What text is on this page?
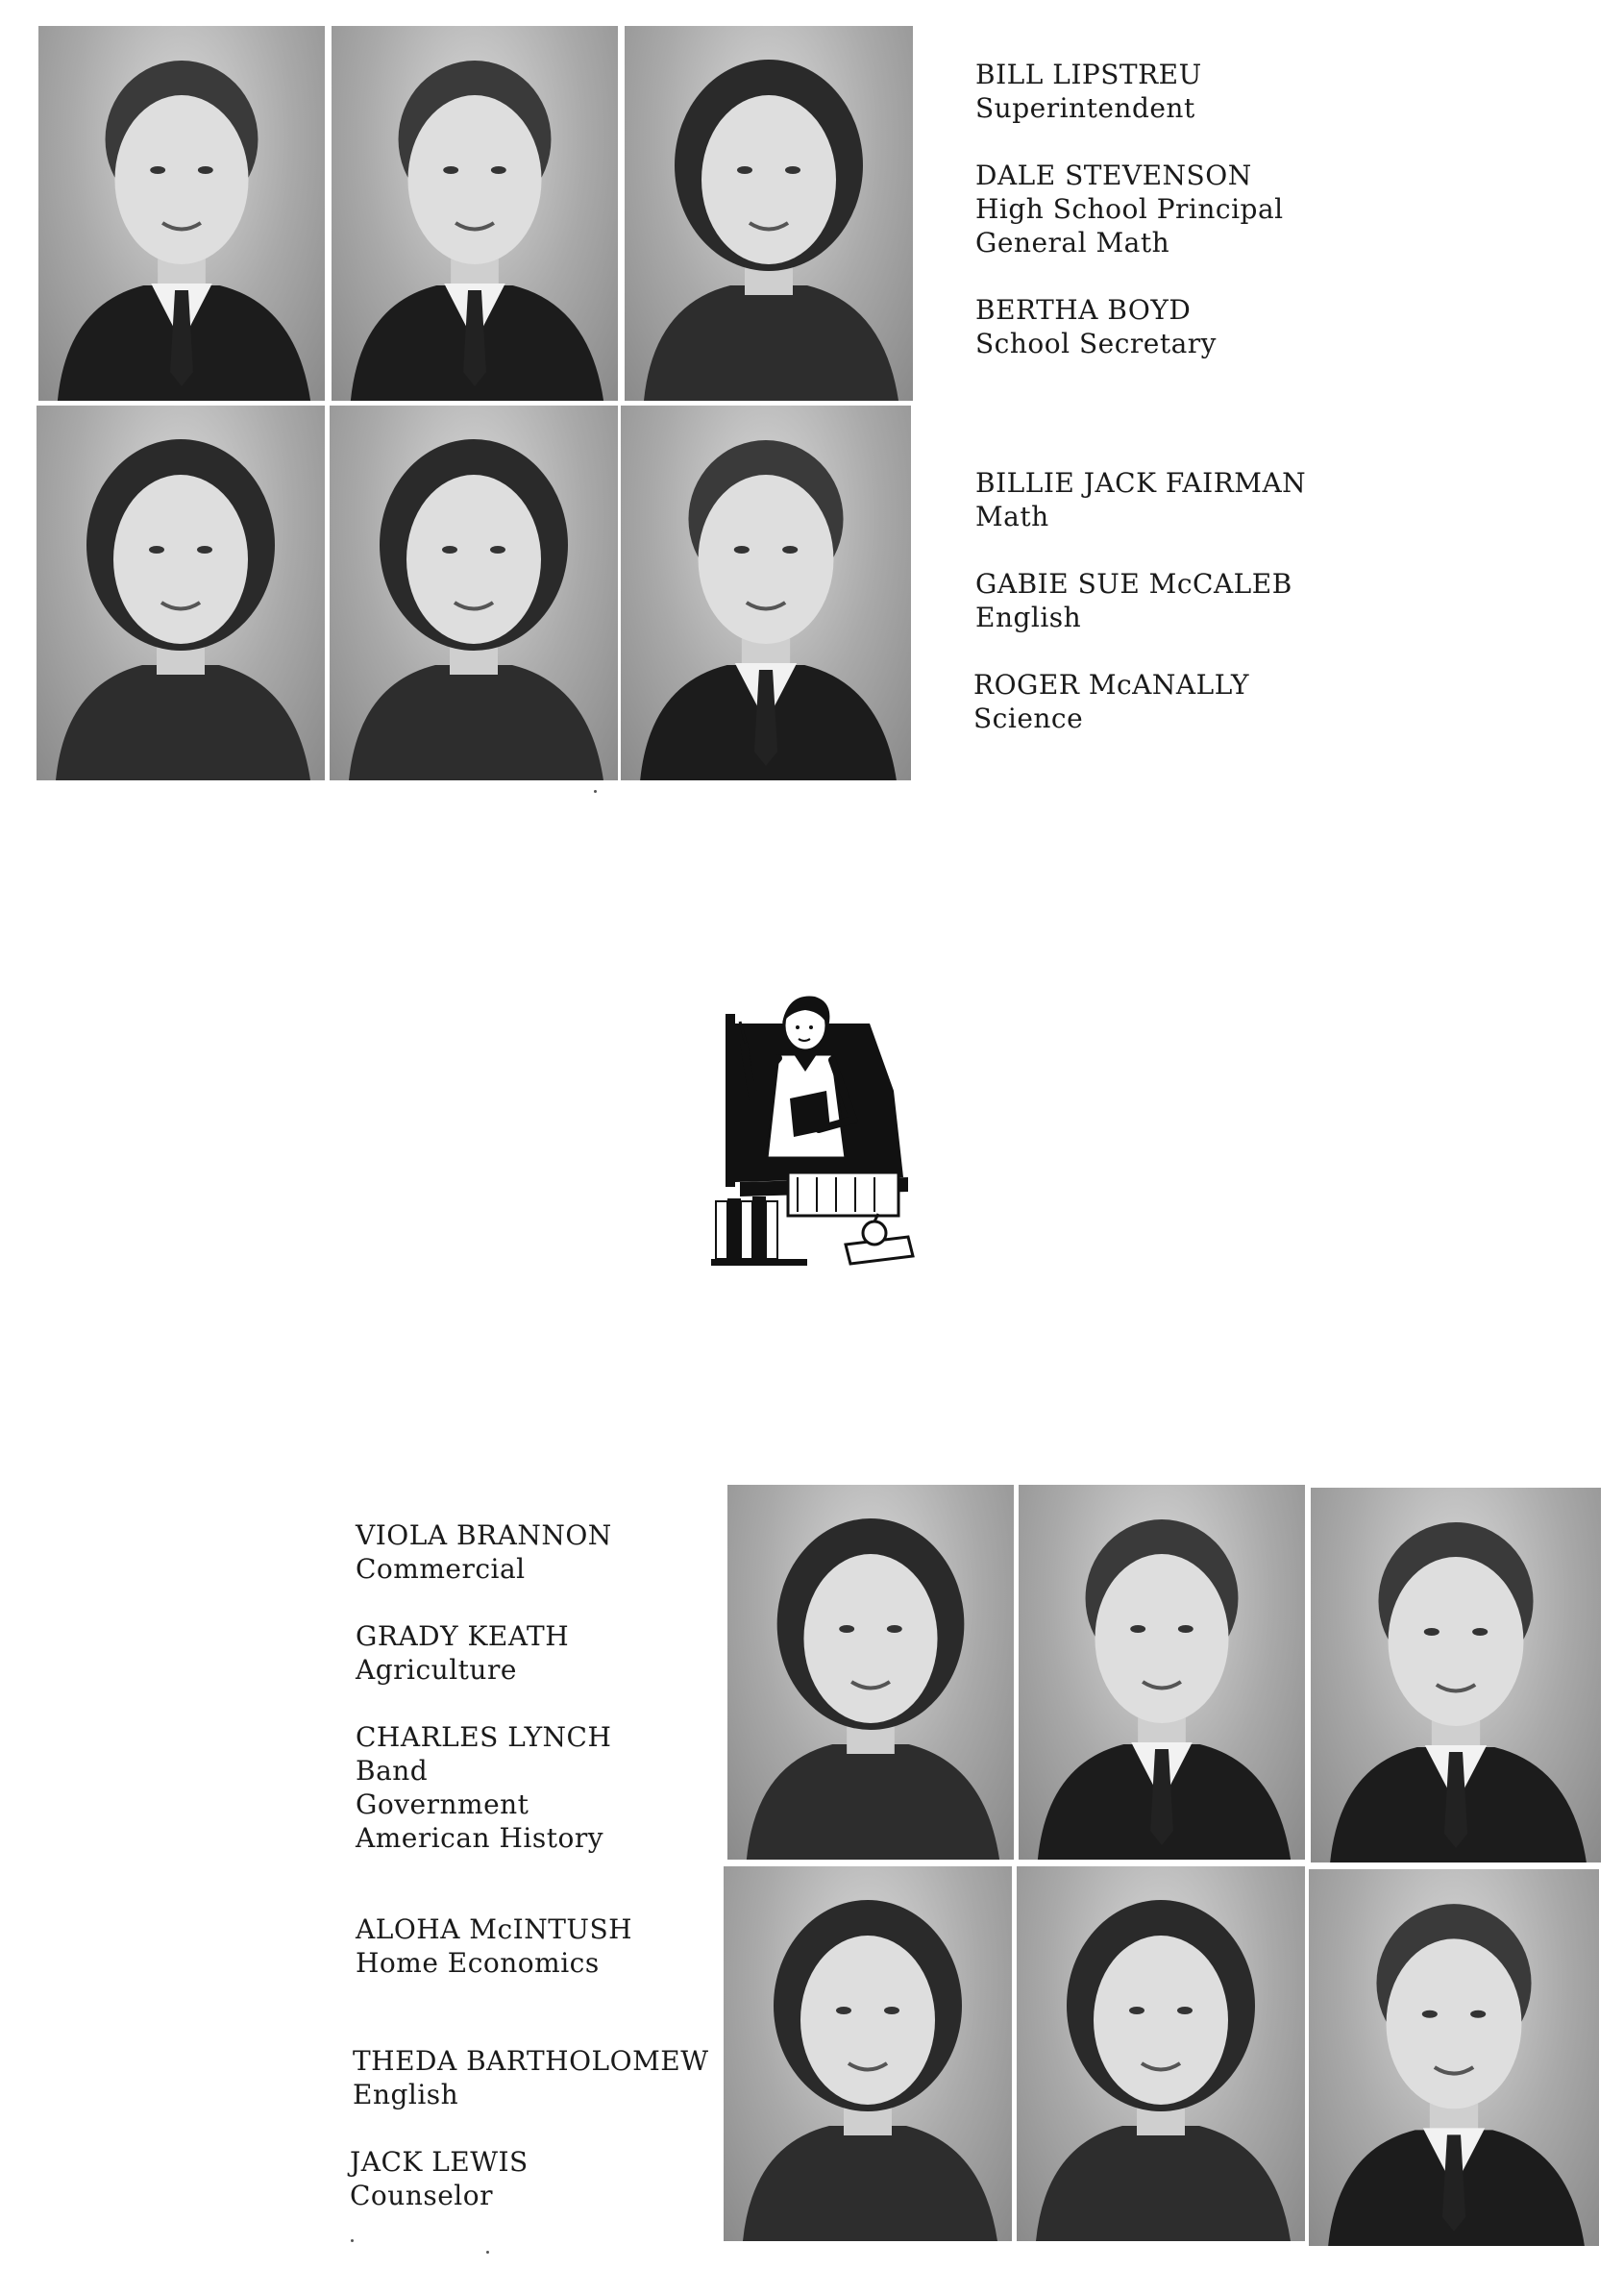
BILL LIPSTREU
Superintendent
DALE STEVENSON
High School Principal
General Math
BERTHA BOYD
School Secretary
BILLIE JACK FAIRMAN
Math
GABIE SUE McCALEB
English
ROGER McANALLY
Science
VIOLA BRANNON
Commercial
GRADY KEATH
Agriculture
CHARLES LYNCH
Band
Government
American History
ALOHA McINTUSH
Home Economics
THEDA BARTHOLOMEW
English
JACK LEWIS
Counselor
